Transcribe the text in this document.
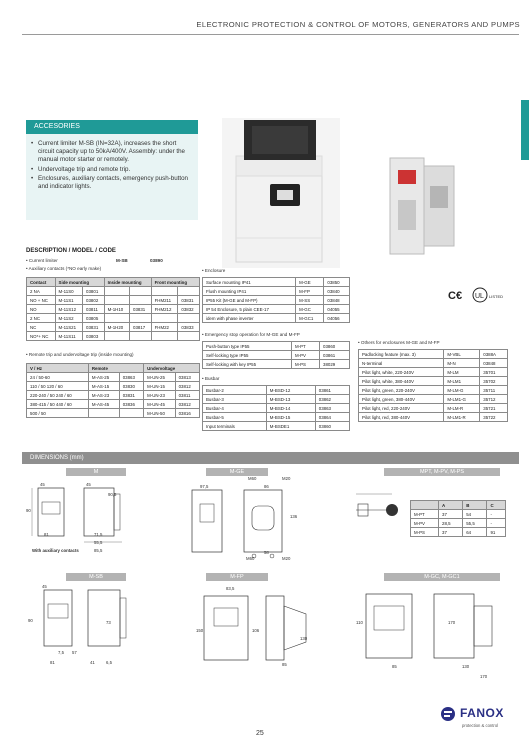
ELECTRONIC PROTECTION & CONTROL OF MOTORS, GENERATORS AND PUMPS
ACCESORIES
• Current limiter M-SB (IN=32A), increases the short circuit capacity up to 50kA/400V. Assembly: under the manual motor starter or remotely.
• Undervoltage trip and remote trip.
• Enclosures, auxiliary contacts, emergency push-button and indicator lights.
DESCRIPTION / MODEL / CODE
• Current limiter	M-SB	03890
• Auxiliary contacts (*NO early make)
Contact	Side mounting		Inside mounting		Front mounting	
2 NA	M-11S0	03801				
NO + NC	M-11S1	03802			FHM211	03831
NO	M-11S12	03811	M-1H10	03831	FHM212	03832
2 NC	M-11S2	03805				
NC	M-11S21	03831	M-1H20	03817	FHM22	03833
NO*+ NC	M-11S11	03803				
• Remote trip and undervoltage trip (inside mounting)
V / Hz	Remote		Undervoltage	
24 / 50-60	M-AS-25	03863	M-UN-25	03813
110 / 50 120 / 60	M-AS-15	03830	M-UN-15	03812
220-240 / 50 240 / 60	M-AS-23	03831	M-UN-23	03811
380-415 / 50 440 / 60	M-AS-45	03836	M-UN-45	03812
500 / 50			M-UN-50	03816
• Enclosure
Surface mounting IP41	M-GE	03850
Flush mounting IP41	M-FP	03840
IP55 Kit (M-GE and M-FP)	M-SS	03848
IP 54 Enclosure, 5 plain CEE-17	M-GC	04055
idem with phase inverter	M-GC1	04056
• Emergency stop operation for M-GE and M-FP
Push-button type IP55	M-PT	03860
Self-locking type IP55	M-PV	03861
Self-locking with key IP55	M-PS	38029
• Busbar
Busbar-2	M-BSD-12	03861
Busbar-3	M-BSD-13	03862
Busbar-4	M-BSD-14	03863
Busbar-5	M-BSD-15	03864
Input terminals	M-BSDE1	03860
• Others for enclosures M-GE and M-FP
Padlocking feature (max. 3)	M-VBL	0388A
N-terminal	M-N	03848
Pilot light, white, 220-240V	M-LM	35701
Pilot light, white, 380-440V	M-LM1	35702
Pilot light, green, 220-240V	M-LM-G	35711
Pilot light, green, 380-440V	M-LM1-G	35712
Pilot light, red, 220-240V	M-LM-R	35721
Pilot light, red, 380-440V	M-LM1-R	35722
C€ UL LISTED
DIMENSIONS (mm)
M	M-GE	MPT, M-PV, M-PS
M-SB	M-FP	M-GC, M-GC1
45	45
90,5
90
81	71,5
55,5
85,5
With auxiliary contacts
M60	M20
97,5	86
136
M60	M20
58
	A	B	C
M-PT	37	54	-
M-PV	28,5	55,5	-
M-PS	37	64	91
45
90	73
7,5 57
41	6,5
81
83,5
150	106
85
130
110	170
85	130
170
25
FANOX
protection & control
